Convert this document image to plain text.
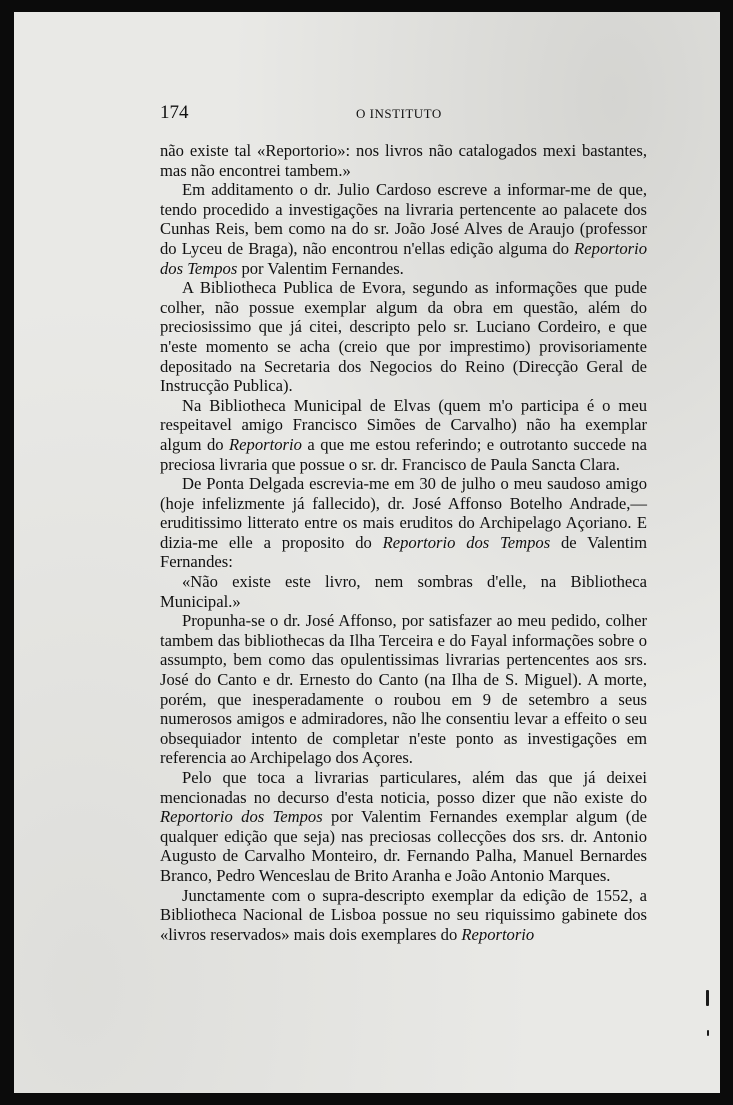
174	O INSTITUTO

não existe tal «Reportorio»: nos livros não catalogados mexi bastantes, mas não encontrei tambem.»

Em additamento o dr. Julio Cardoso escreve a informar-me de que, tendo procedido a investigações na livraria pertencente ao palacete dos Cunhas Reis, bem como na do sr. João José Alves de Araujo (professor do Lyceu de Braga), não encontrou n'ellas edição alguma do Reportorio dos Tempos por Valentim Fernandes.

A Bibliotheca Publica de Evora, segundo as informações que pude colher, não possue exemplar algum da obra em questão, além do preciosissimo que já citei, descripto pelo sr. Luciano Cordeiro, e que n'este momento se acha (creio que por imprestimo) provisoriamente depositado na Secretaria dos Negocios do Reino (Direcção Geral de Instrucção Publica).

Na Bibliotheca Municipal de Elvas (quem m'o participa é o meu respeitavel amigo Francisco Simões de Carvalho) não ha exemplar algum do Reportorio a que me estou referindo; e outrotanto succede na preciosa livraria que possue o sr. dr. Francisco de Paula Sancta Clara.

De Ponta Delgada escrevia-me em 30 de julho o meu saudoso amigo (hoje infelizmente já fallecido), dr. José Affonso Botelho Andrade,—eruditissimo litterato entre os mais eruditos do Archipelago Açoriano. E dizia-me elle a proposito do Reportorio dos Tempos de Valentim Fernandes:

«Não existe este livro, nem sombras d'elle, na Bibliotheca Municipal.»

Propunha-se o dr. José Affonso, por satisfazer ao meu pedido, colher tambem das bibliothecas da Ilha Terceira e do Fayal informações sobre o assumpto, bem como das opulentissimas livrarias pertencentes aos srs. José do Canto e dr. Ernesto do Canto (na Ilha de S. Miguel). A morte, porém, que inesperadamente o roubou em 9 de setembro a seus numerosos amigos e admiradores, não lhe consentiu levar a effeito o seu obsequiador intento de completar n'este ponto as investigações em referencia ao Archipelago dos Açores.

Pelo que toca a livrarias particulares, além das que já deixei mencionadas no decurso d'esta noticia, posso dizer que não existe do Reportorio dos Tempos por Valentim Fernandes exemplar algum (de qualquer edição que seja) nas preciosas collecções dos srs. dr. Antonio Augusto de Carvalho Monteiro, dr. Fernando Palha, Manuel Bernardes Branco, Pedro Wenceslau de Brito Aranha e João Antonio Marques.

Junctamente com o supra-descripto exemplar da edição de 1552, a Bibliotheca Nacional de Lisboa possue no seu riquissimo gabinete dos «livros reservados» mais dois exemplares do Reportorio
